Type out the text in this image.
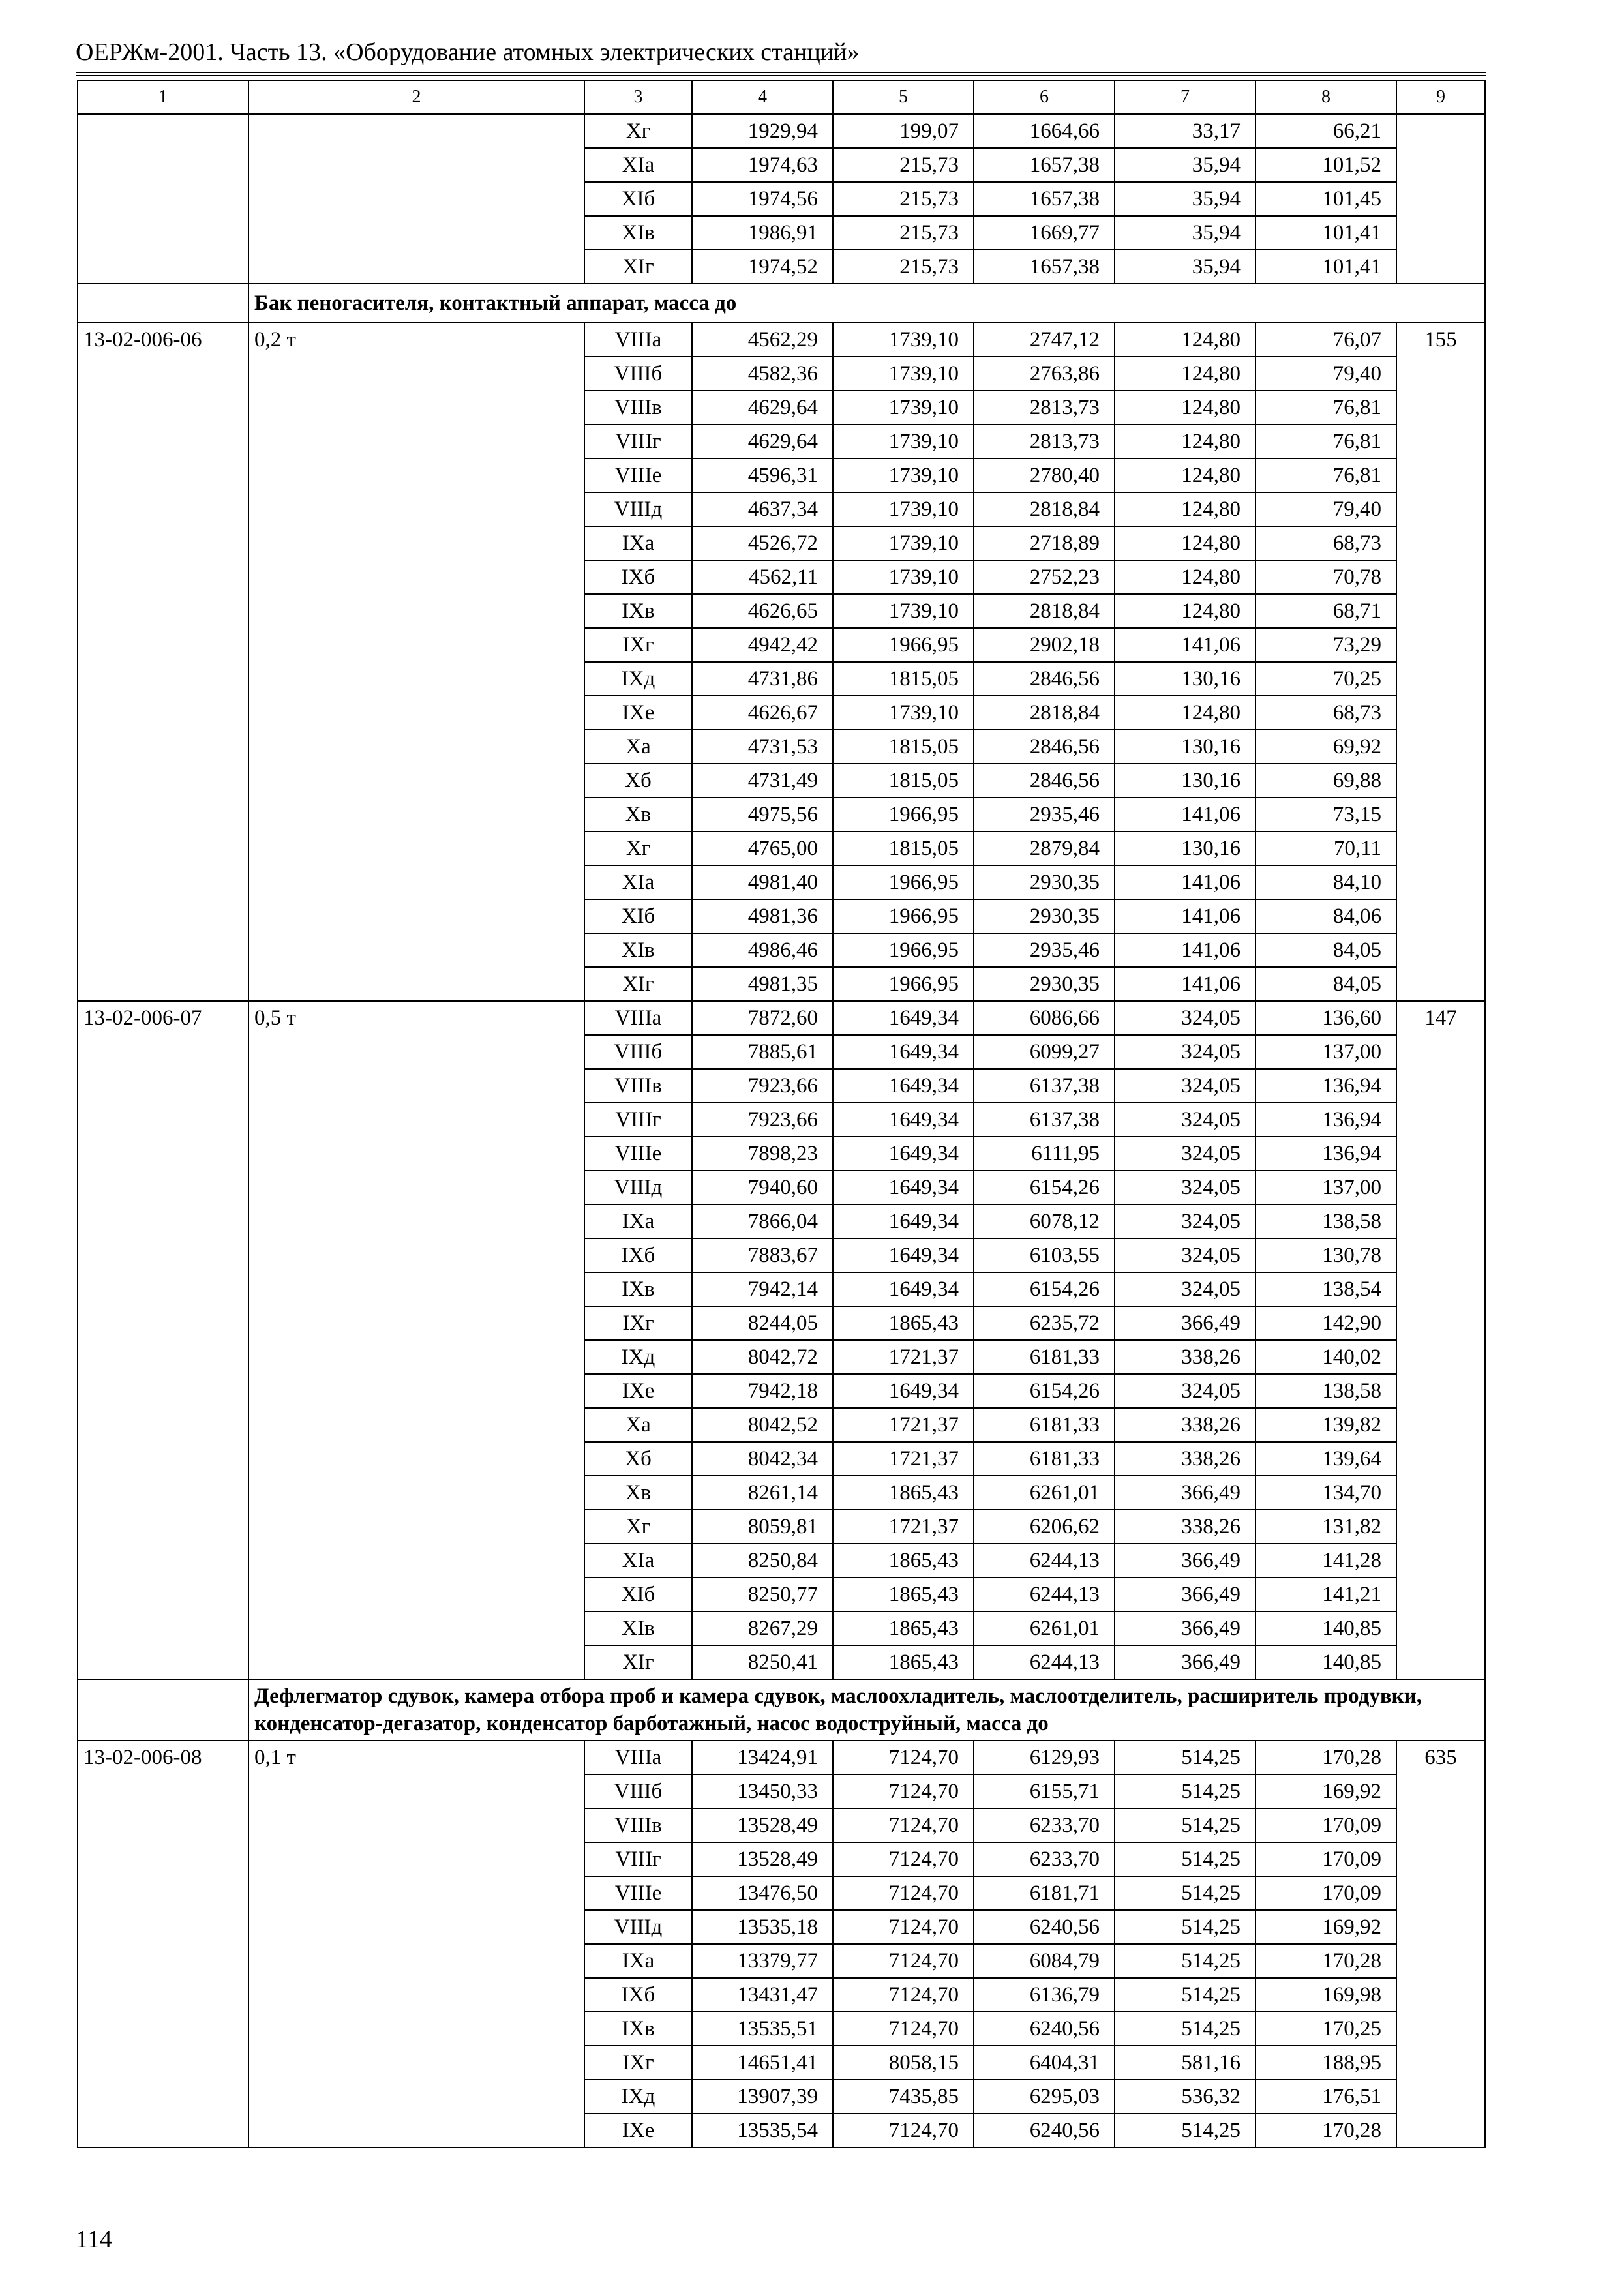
ОЕРЖм-2001. Часть 13. «Оборудование атомных электрических станций»
1	2	3	4	5	6	7	8	9
		Xг	1929,94	199,07	1664,66	33,17	66,21	
		XIа	1974,63	215,73	1657,38	35,94	101,52	
		XIб	1974,56	215,73	1657,38	35,94	101,45	
		XIв	1986,91	215,73	1669,77	35,94	101,41	
		XIг	1974,52	215,73	1657,38	35,94	101,41	
	Бак пеногасителя, контактный аппарат, масса до							
13-02-006-06	0,2 т	VIIIа	4562,29	1739,10	2747,12	124,80	76,07	155
		VIIIб	4582,36	1739,10	2763,86	124,80	79,40	
		VIIIв	4629,64	1739,10	2813,73	124,80	76,81	
		VIIIг	4629,64	1739,10	2813,73	124,80	76,81	
		VIIIе	4596,31	1739,10	2780,40	124,80	76,81	
		VIIIд	4637,34	1739,10	2818,84	124,80	79,40	
		IXа	4526,72	1739,10	2718,89	124,80	68,73	
		IXб	4562,11	1739,10	2752,23	124,80	70,78	
		IXв	4626,65	1739,10	2818,84	124,80	68,71	
		IXг	4942,42	1966,95	2902,18	141,06	73,29	
		IXд	4731,86	1815,05	2846,56	130,16	70,25	
		IXе	4626,67	1739,10	2818,84	124,80	68,73	
		Xа	4731,53	1815,05	2846,56	130,16	69,92	
		Xб	4731,49	1815,05	2846,56	130,16	69,88	
		Xв	4975,56	1966,95	2935,46	141,06	73,15	
		Xг	4765,00	1815,05	2879,84	130,16	70,11	
		XIа	4981,40	1966,95	2930,35	141,06	84,10	
		XIб	4981,36	1966,95	2930,35	141,06	84,06	
		XIв	4986,46	1966,95	2935,46	141,06	84,05	
		XIг	4981,35	1966,95	2930,35	141,06	84,05	
13-02-006-07	0,5 т	VIIIа	7872,60	1649,34	6086,66	324,05	136,60	147
		VIIIб	7885,61	1649,34	6099,27	324,05	137,00	
		VIIIв	7923,66	1649,34	6137,38	324,05	136,94	
		VIIIг	7923,66	1649,34	6137,38	324,05	136,94	
		VIIIе	7898,23	1649,34	6111,95	324,05	136,94	
		VIIIд	7940,60	1649,34	6154,26	324,05	137,00	
		IXа	7866,04	1649,34	6078,12	324,05	138,58	
		IXб	7883,67	1649,34	6103,55	324,05	130,78	
		IXв	7942,14	1649,34	6154,26	324,05	138,54	
		IXг	8244,05	1865,43	6235,72	366,49	142,90	
		IXд	8042,72	1721,37	6181,33	338,26	140,02	
		IXе	7942,18	1649,34	6154,26	324,05	138,58	
		Xа	8042,52	1721,37	6181,33	338,26	139,82	
		Xб	8042,34	1721,37	6181,33	338,26	139,64	
		Xв	8261,14	1865,43	6261,01	366,49	134,70	
		Xг	8059,81	1721,37	6206,62	338,26	131,82	
		XIа	8250,84	1865,43	6244,13	366,49	141,28	
		XIб	8250,77	1865,43	6244,13	366,49	141,21	
		XIв	8267,29	1865,43	6261,01	366,49	140,85	
		XIг	8250,41	1865,43	6244,13	366,49	140,85	
	Дефлегматор сдувок, камера отбора проб и камера сдувок, маслоохладитель, маслоотделитель, расширитель продувки, конденсатор-дегазатор, конденсатор барботажный, насос водоструйный, масса до							
13-02-006-08	0,1 т	VIIIа	13424,91	7124,70	6129,93	514,25	170,28	635
		VIIIб	13450,33	7124,70	6155,71	514,25	169,92	
		VIIIв	13528,49	7124,70	6233,70	514,25	170,09	
		VIIIг	13528,49	7124,70	6233,70	514,25	170,09	
		VIIIе	13476,50	7124,70	6181,71	514,25	170,09	
		VIIIд	13535,18	7124,70	6240,56	514,25	169,92	
		IXа	13379,77	7124,70	6084,79	514,25	170,28	
		IXб	13431,47	7124,70	6136,79	514,25	169,98	
		IXв	13535,51	7124,70	6240,56	514,25	170,25	
		IXг	14651,41	8058,15	6404,31	581,16	188,95	
		IXд	13907,39	7435,85	6295,03	536,32	176,51	
		IXе	13535,54	7124,70	6240,56	514,25	170,28	
114
